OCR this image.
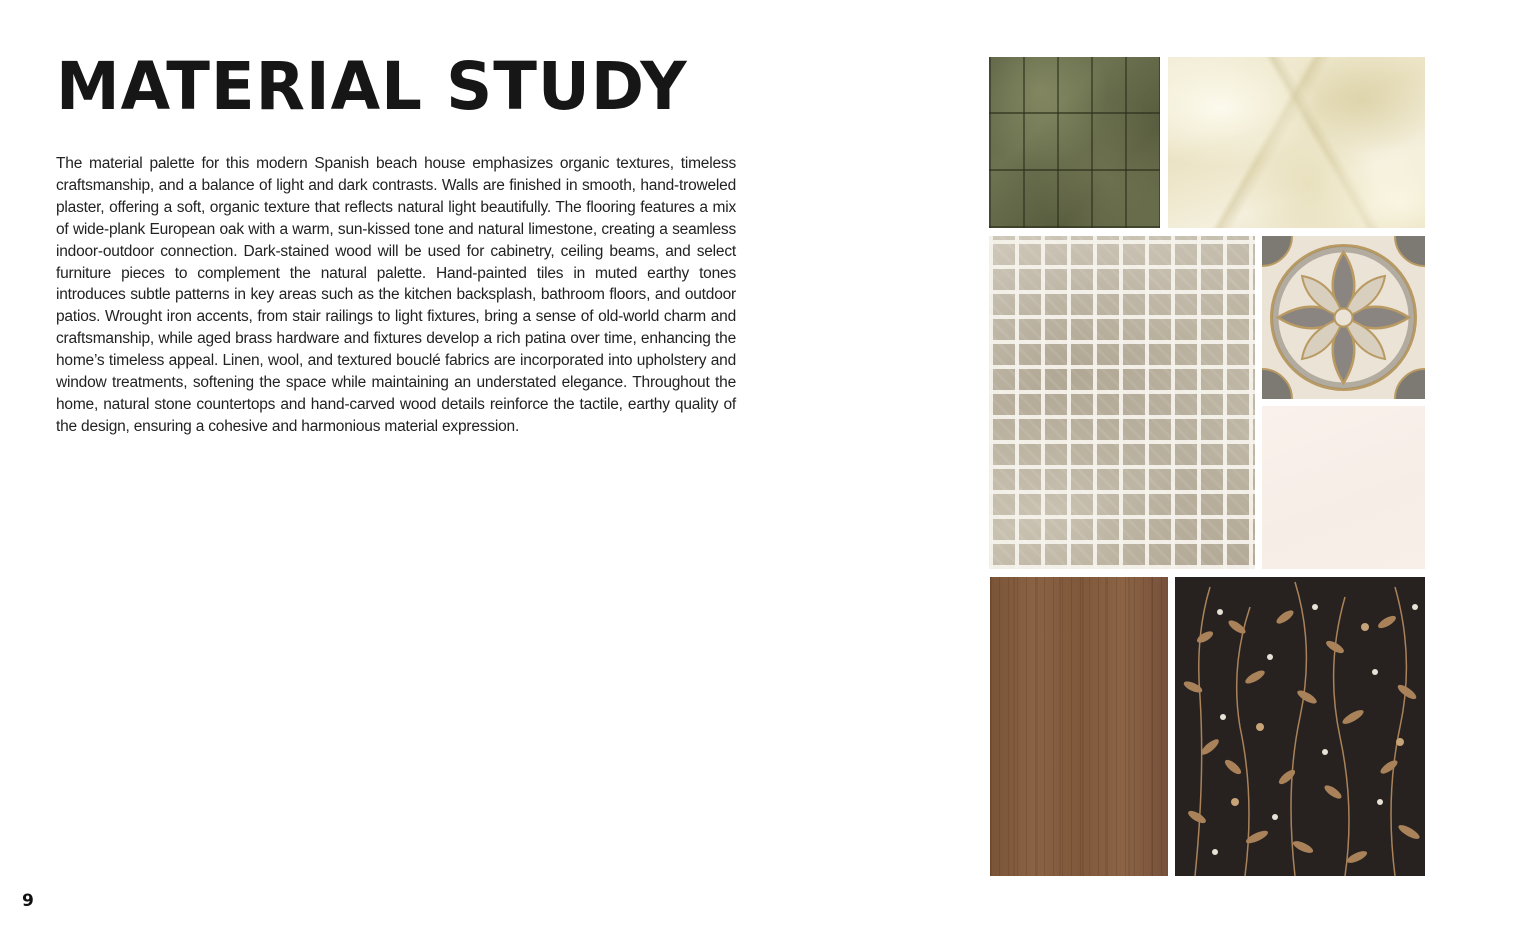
MATERIAL STUDY

The material palette for this modern Spanish beach house emphasizes organic textures, timeless craftsmanship, and a balance of light and dark contrasts. Walls are finished in smooth, hand-troweled plaster, offering a soft, organic texture that reflects natural light beautifully. The flooring features a mix of wide-plank European oak with a warm, sun-kissed tone and natural limestone, creating a seamless indoor-outdoor connection. Dark-stained wood will be used for cabinetry, ceiling beams, and select furniture pieces to complement the natural palette. Hand-painted tiles in muted earthy tones introduces subtle patterns in key areas such as the kitchen backsplash, bathroom floors, and outdoor patios. Wrought iron accents, from stair railings to light fixtures, bring a sense of old-world charm and craftsmanship, while aged brass hardware and fixtures develop a rich patina over time, enhancing the home’s timeless appeal. Linen, wool, and textured bouclé fabrics are incorporated into upholstery and window treatments, softening the space while maintaining an understated elegance. Throughout the home, natural stone countertops and hand-carved wood details reinforce the tactile, earthy quality of the design, ensuring a cohesive and harmonious material expression.

9
